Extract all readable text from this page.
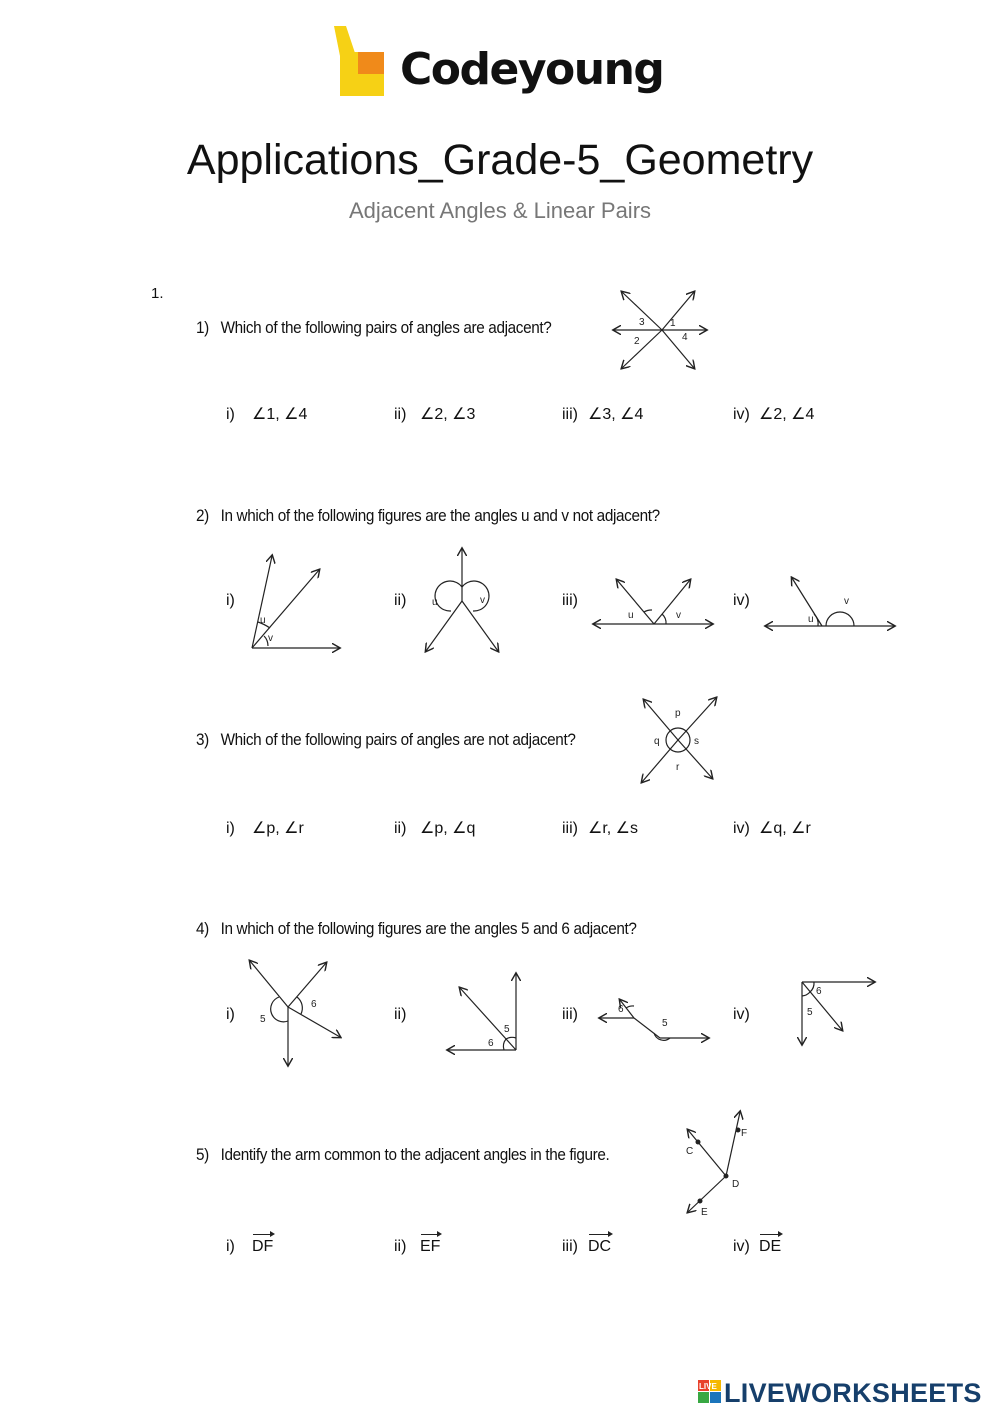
Codeyoung
Applications_Grade-5_Geometry
Adjacent Angles & Linear Pairs
1.
1) Which of the following pairs of angles are adjacent?	3	1
2	4
i) ∠1, ∠4	ii) ∠2, ∠3	iii) ∠3, ∠4	iv) ∠2, ∠4
2) In which of the following figures are the angles u and v not adjacent?
i)
u
v
ii)	u	v	iii)
u	v
iv)
u
v
3) Which of the following pairs of angles are not adjacent?
p
q
r
s
i) ∠p, ∠r	ii) ∠p, ∠q	iii) ∠r, ∠s	iv) ∠q, ∠r
4) In which of the following figures are the angles 5 and 6 adjacent?
i)	5
6
ii)
5
6
iii)	6
5
iv)
6
5
5) Identify the arm common to the adjacent angles in the figure.	C
F
D
E
i) DF	ii) EF	iii) DC	iv) DE
LIVE LIVEWORKSHEETS
